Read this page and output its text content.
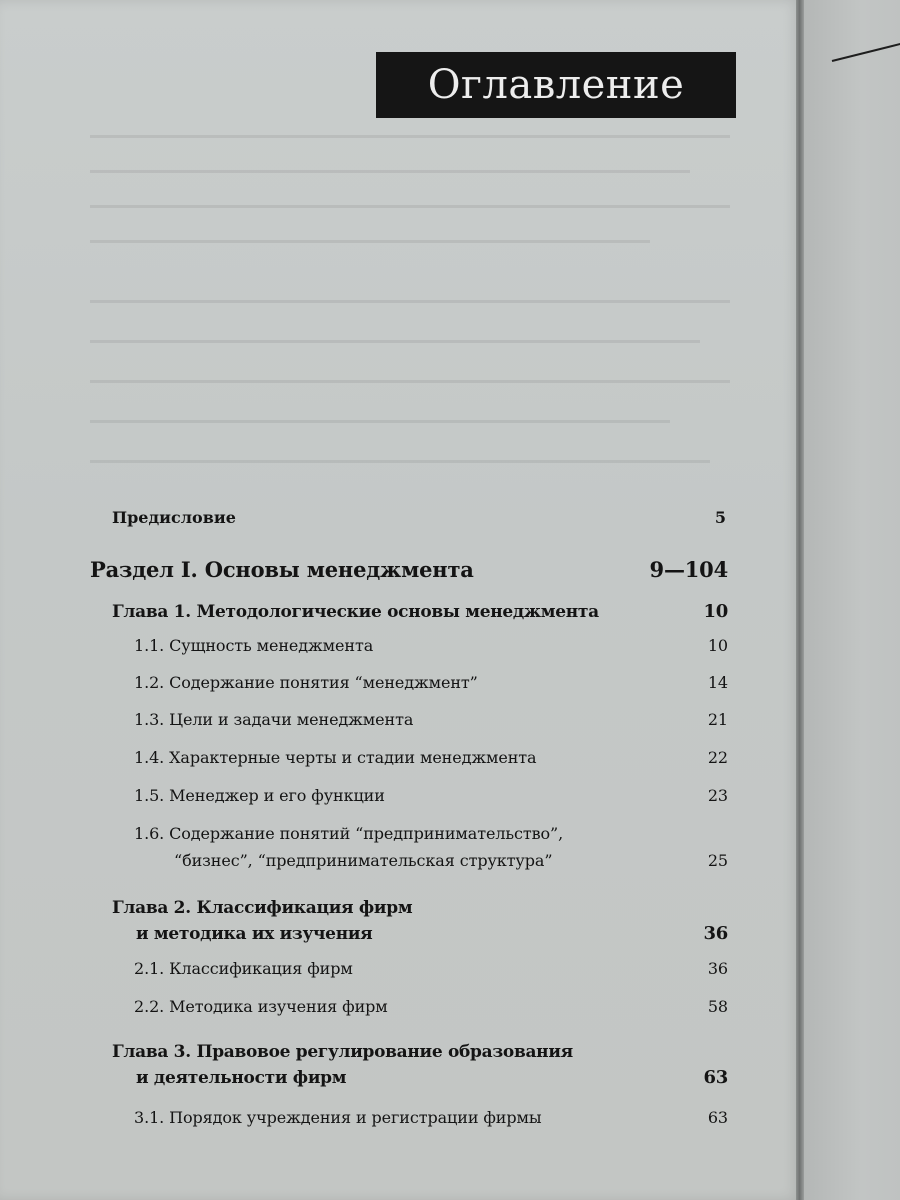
Оглавление
Предисловие	5
Раздел I. Основы менеджмента	9—104
Глава 1. Методологические основы менеджмента	10
1.1. Сущность менеджмента	10
1.2. Содержание понятия “менеджмент”	14
1.3. Цели и задачи менеджмента	21
1.4. Характерные черты и стадии менеджмента	22
1.5. Менеджер и его функции	23
1.6. Содержание понятий “предпринимательство”,
“бизнес”, “предпринимательская структура”	25
Глава 2. Классификация фирм
и методика их изучения	36
2.1. Классификация фирм	36
2.2. Методика изучения фирм	58
Глава 3. Правовое регулирование образования
и деятельности фирм	63
3.1. Порядок учреждения и регистрации фирмы	63
